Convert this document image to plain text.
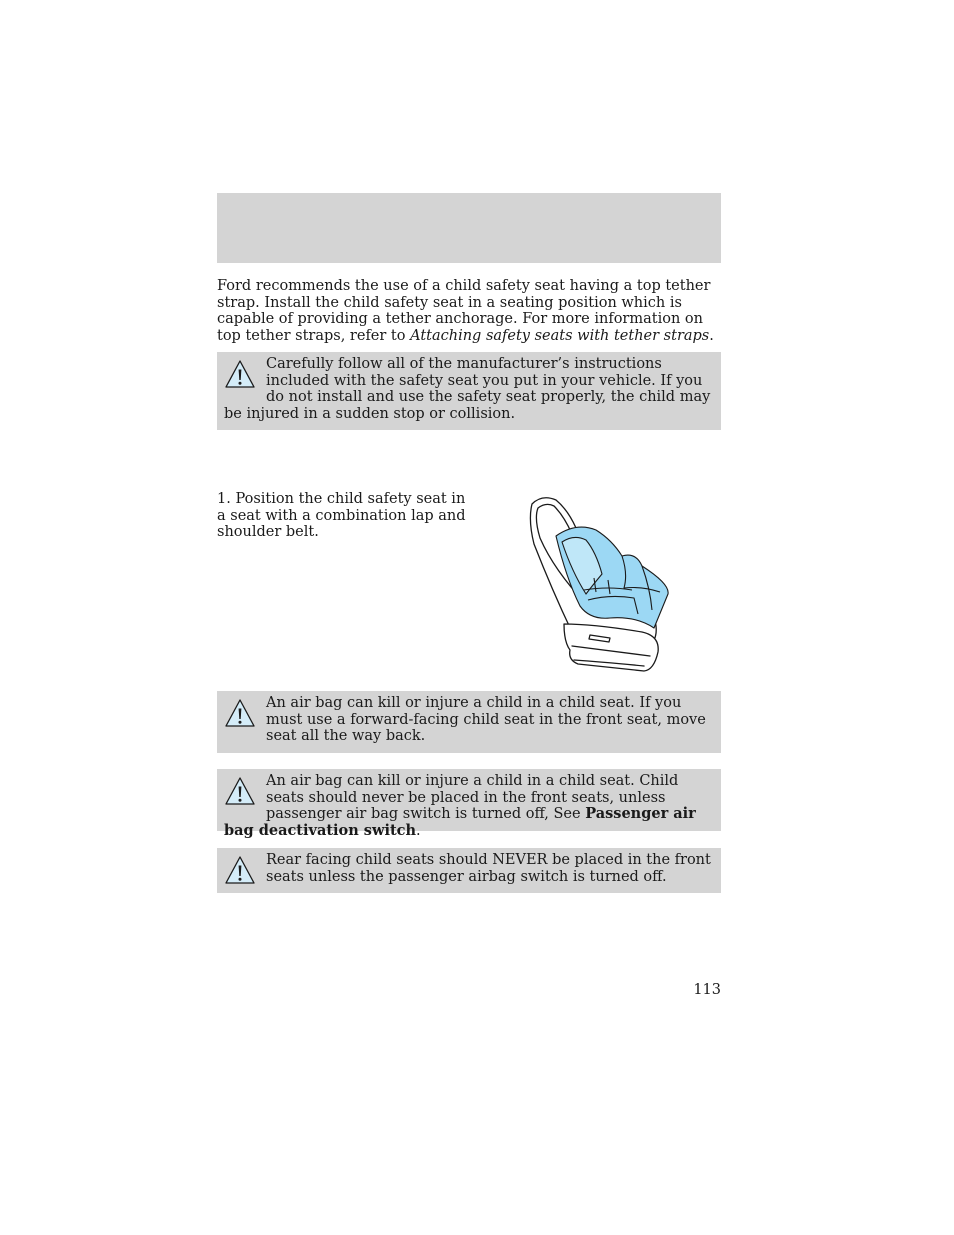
Ford recommends the use of a child safety seat having a top tether strap. Install the child safety seat in a seating position which is capable of providing a tether anchorage. For more information on top tether straps, refer to Attaching safety seats with tether straps.

Carefully follow all of the manufacturer’s instructions included with the safety seat you put in your vehicle. If you do not install and use the safety seat properly, the child may be injured in a sudden stop or collision.

1. Position the child safety seat in a seat with a combination lap and shoulder belt.

An air bag can kill or injure a child in a child seat. If you must use a forward-facing child seat in the front seat, move seat all the way back.

An air bag can kill or injure a child in a child seat. Child seats should never be placed in the front seats, unless passenger air bag switch is turned off, See Passenger air bag deactivation switch.

Rear facing child seats should NEVER be placed in the front seats unless the passenger airbag switch is turned off.

113
